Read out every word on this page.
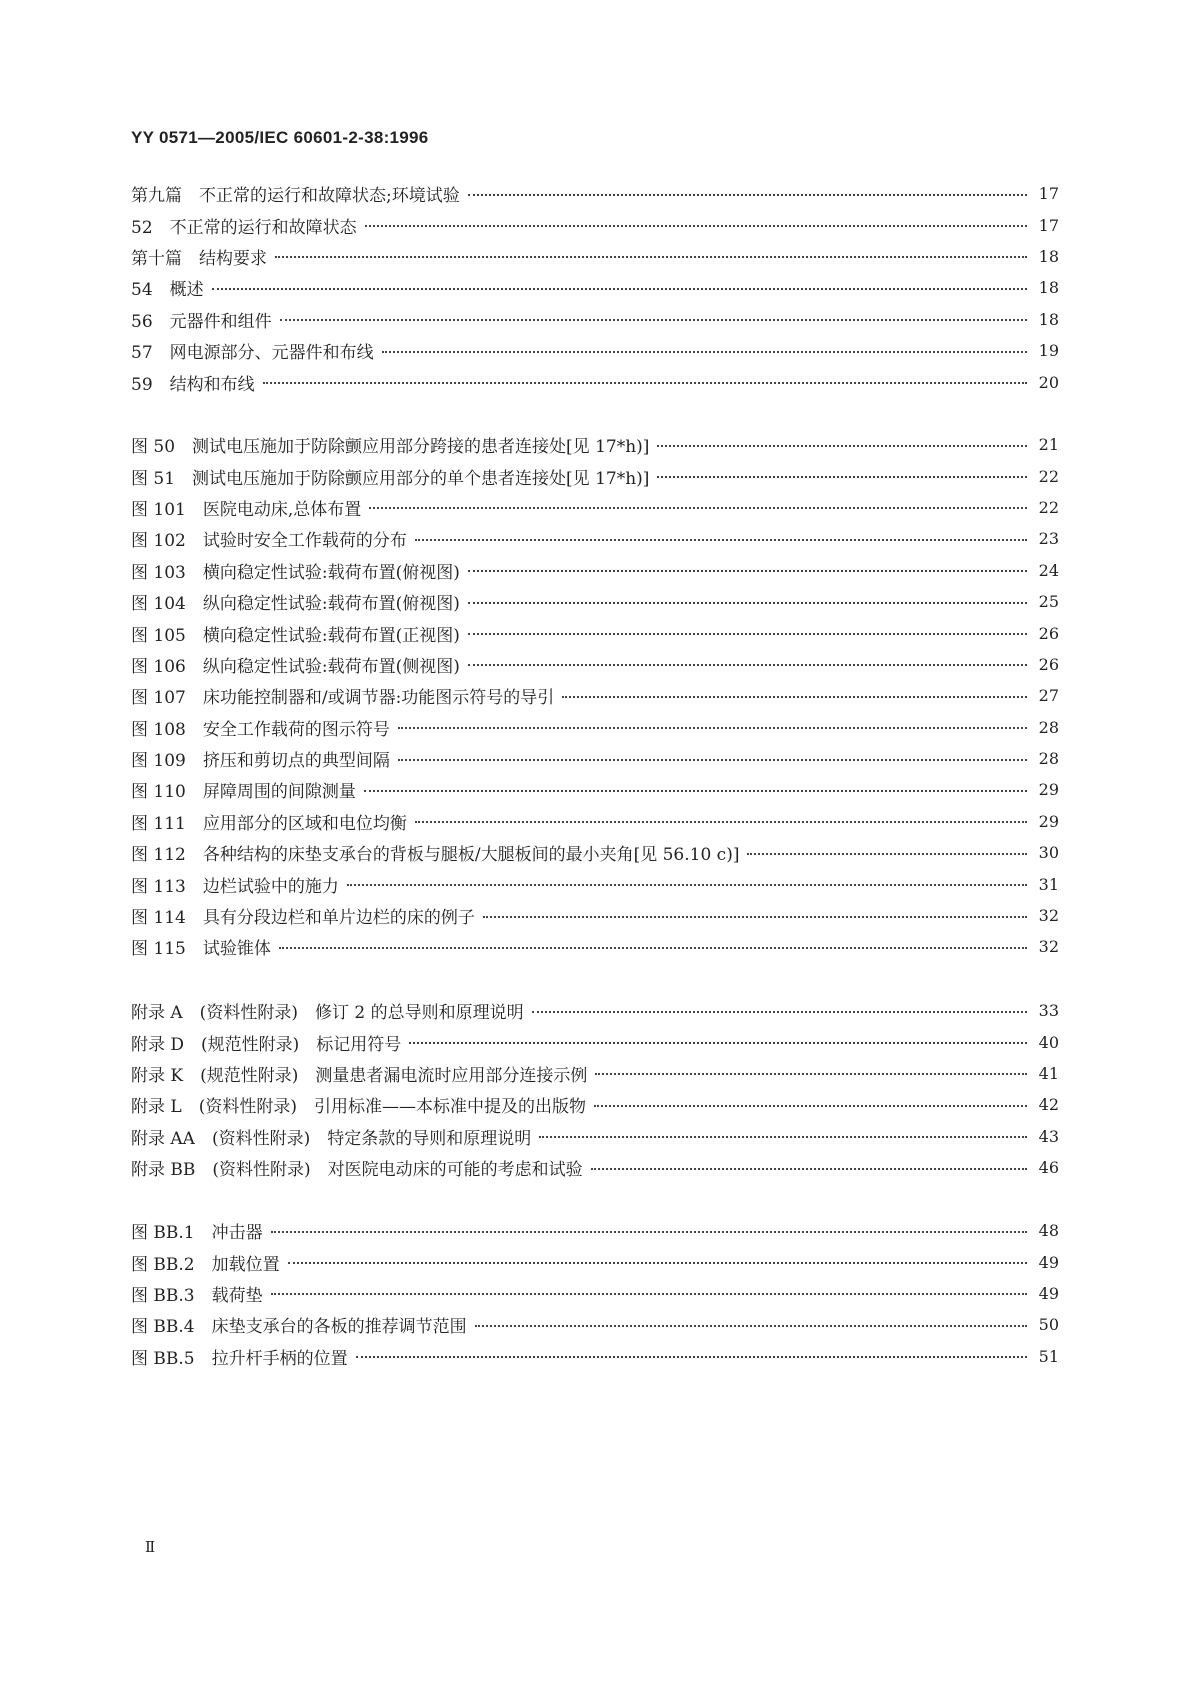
YY 0571—2005/IEC 60601-2-38:1996
第九篇　不正常的运行和故障状态;环境试验	17
52　不正常的运行和故障状态	17
第十篇　结构要求	18
54　概述	18
56　元器件和组件	18
57　网电源部分、元器件和布线	19
59　结构和布线	20
图 50　测试电压施加于防除颤应用部分跨接的患者连接处[见 17*h)]	21
图 51　测试电压施加于防除颤应用部分的单个患者连接处[见 17*h)]	22
图 101　医院电动床,总体布置	22
图 102　试验时安全工作载荷的分布	23
图 103　横向稳定性试验:载荷布置(俯视图)	24
图 104　纵向稳定性试验:载荷布置(俯视图)	25
图 105　横向稳定性试验:载荷布置(正视图)	26
图 106　纵向稳定性试验:载荷布置(侧视图)	26
图 107　床功能控制器和/或调节器:功能图示符号的导引	27
图 108　安全工作载荷的图示符号	28
图 109　挤压和剪切点的典型间隔	28
图 110　屏障周围的间隙测量	29
图 111　应用部分的区域和电位均衡	29
图 112　各种结构的床垫支承台的背板与腿板/大腿板间的最小夹角[见 56.10 c)]	30
图 113　边栏试验中的施力	31
图 114　具有分段边栏和单片边栏的床的例子	32
图 115　试验锥体	32
附录 A　(资料性附录)　修订 2 的总导则和原理说明	33
附录 D　(规范性附录)　标记用符号	40
附录 K　(规范性附录)　测量患者漏电流时应用部分连接示例	41
附录 L　(资料性附录)　引用标准——本标准中提及的出版物	42
附录 AA　(资料性附录)　特定条款的导则和原理说明	43
附录 BB　(资料性附录)　对医院电动床的可能的考虑和试验	46
图 BB.1　冲击器	48
图 BB.2　加载位置	49
图 BB.3　载荷垫	49
图 BB.4　床垫支承台的各板的推荐调节范围	50
图 BB.5　拉升杆手柄的位置	51
Ⅱ
